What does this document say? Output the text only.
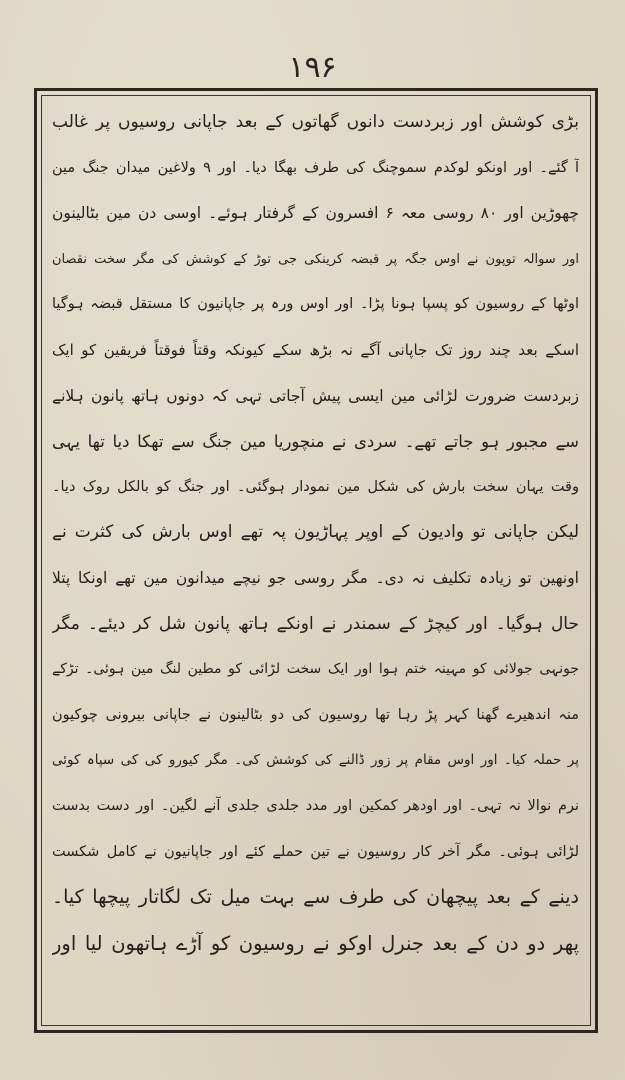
۱۹۶
بڑی کوشش اور زبردست دانوں گھاتوں کے بعد جاپانی روسیوں پر غالب
آ گئے۔ اور اونکو لوکدم سموچنگ کی طرف بھگا دیا۔ اور ۹ ولاغین میدان جنگ مین
چھوڑین اور ۸۰ روسی معہ ۶ افسرون کے گرفتار ہوئے۔ اوسی دن مین بٹالینون
اور سوالہ توپون نے اوس جگہ پر قبضہ کرینکی جی توڑ کے کوشش کی مگر سخت نقصان
اوٹھا کے روسیون کو پسپا ہونا پڑا۔ اور اوس ورہ پر جاپانیون کا مستقل قبضہ ہوگیا
اسکے بعد چند روز تک جاپانی آگے نہ بڑھ سکے کیونکہ وقتاً فوقتاً فریقین کو ایک
زبردست ضرورت لڑائی مین ایسی پیش آجاتی تہی کہ دونوں ہاتھ پانون ہلانے
سے مجبور ہو جاتے تھے۔ سردی نے منچوریا مین جنگ سے تھکا دیا تھا یہی
وقت یہان سخت بارش کی شکل مین نمودار ہوگئی۔ اور جنگ کو بالکل روک دیا۔
لیکن جاپانی تو وادیون کے اوپر پہاڑیون پہ تھے اوس بارش کی کثرت نے
اونھین تو زیادہ تکلیف نہ دی۔ مگر روسی جو نیچے میدانون مین تھے اونکا پتلا
حال ہوگیا۔ اور کیچڑ کے سمندر نے اونکے ہاتھ پانون شل کر دیئے۔ مگر
جونہی جولائی کو مہینہ ختم ہوا اور ایک سخت لڑائی کو مطین لنگ مین ہوئی۔ تڑکے
منہ اندھیرے گھنا کہر پڑ رہا تھا روسیون کی دو بٹالینون نے جاپانی بیرونی چوکیون
پر حملہ کیا۔ اور اوس مقام پر زور ڈالنے کی کوشش کی۔ مگر کیورو کی کی سپاہ کوئی
نرم نوالا نہ تہی۔ اور اودھر کمکین اور مدد جلدی جلدی آنے لگین۔ اور دست بدست
لڑائی ہوئی۔ مگر آخر کار روسیون نے تین حملے کئے اور جاپانیون نے کامل شکست
دینے کے بعد پیچھان کی طرف سے بہت میل تک لگاتار پیچھا کیا۔
پھر دو دن کے بعد جنرل اوکو نے روسیون کو آڑے ہاتھون لیا اور
